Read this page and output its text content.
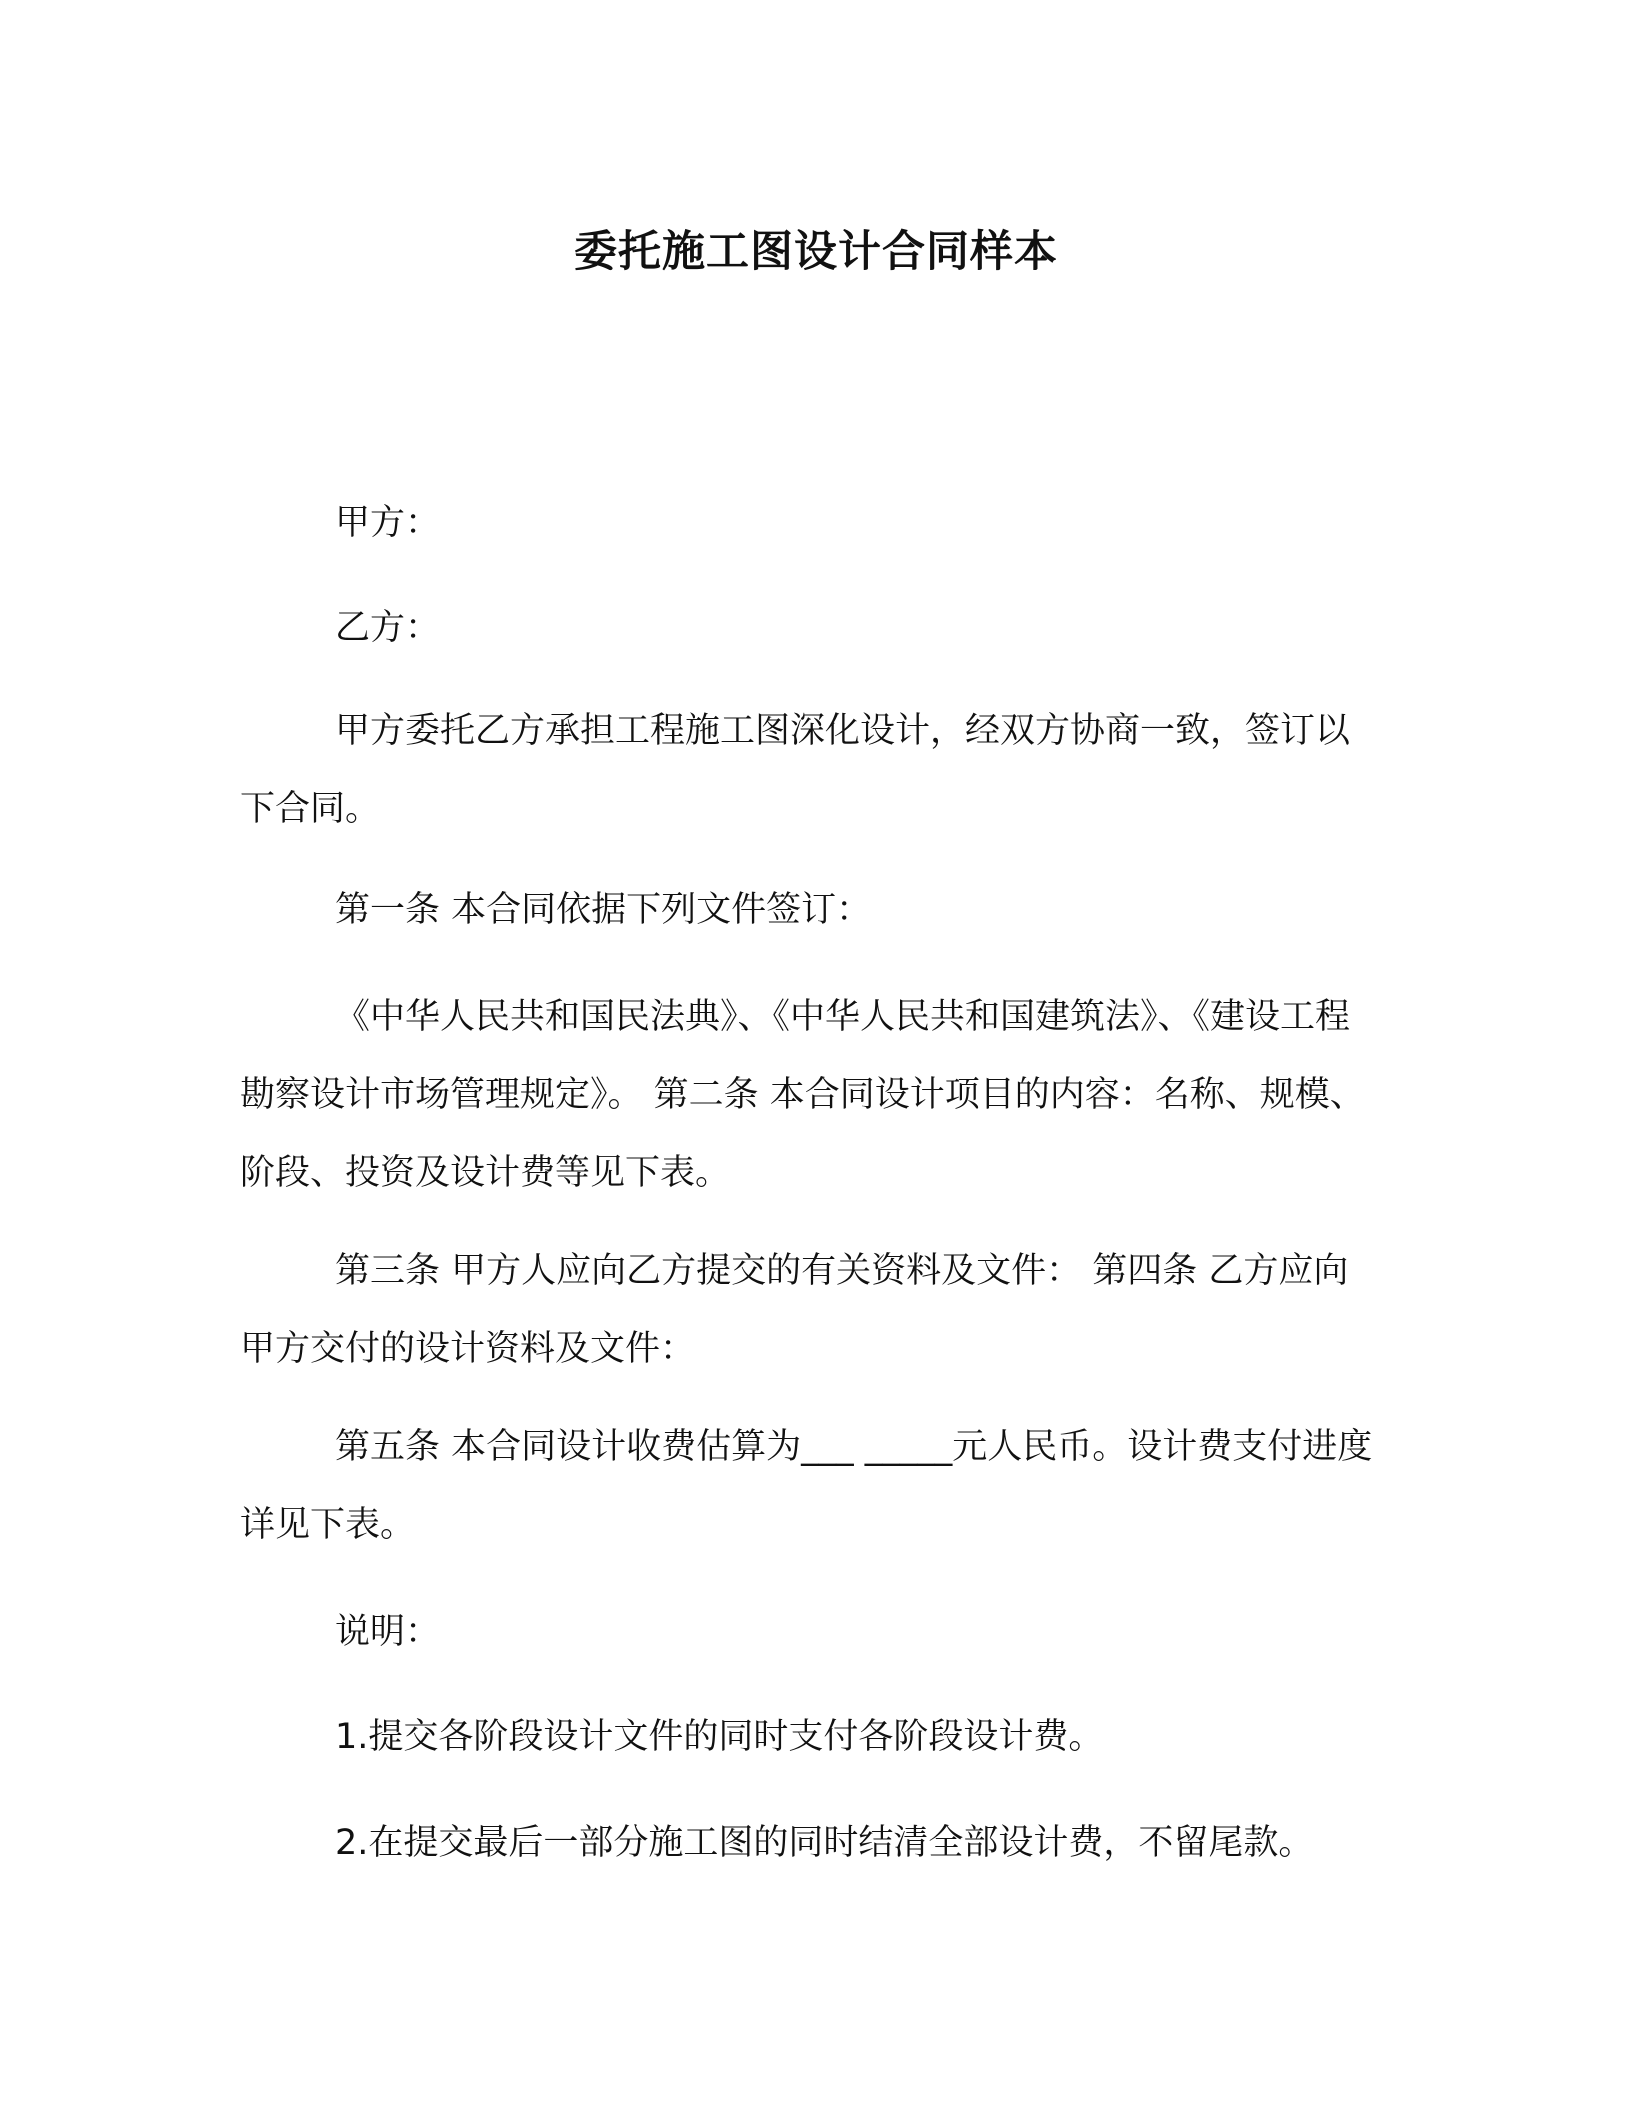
委托施工图设计合同样本

甲方：

乙方：

甲方委托乙方承担工程施工图深化设计，经双方协商一致，签订以下合同。

第一条 本合同依据下列文件签订：

《中华人民共和国民法典》、《中华人民共和国建筑法》、《建设工程勘察设计市场管理规定》。 第二条 本合同设计项目的内容：名称、规模、阶段、投资及设计费等见下表。

第三条 甲方人应向乙方提交的有关资料及文件： 第四条 乙方应向甲方交付的设计资料及文件：

第五条 本合同设计收费估算为___ _____元人民币。设计费支付进度详见下表。

说明：

1.提交各阶段设计文件的同时支付各阶段设计费。

2.在提交最后一部分施工图的同时结清全部设计费，不留尾款。
